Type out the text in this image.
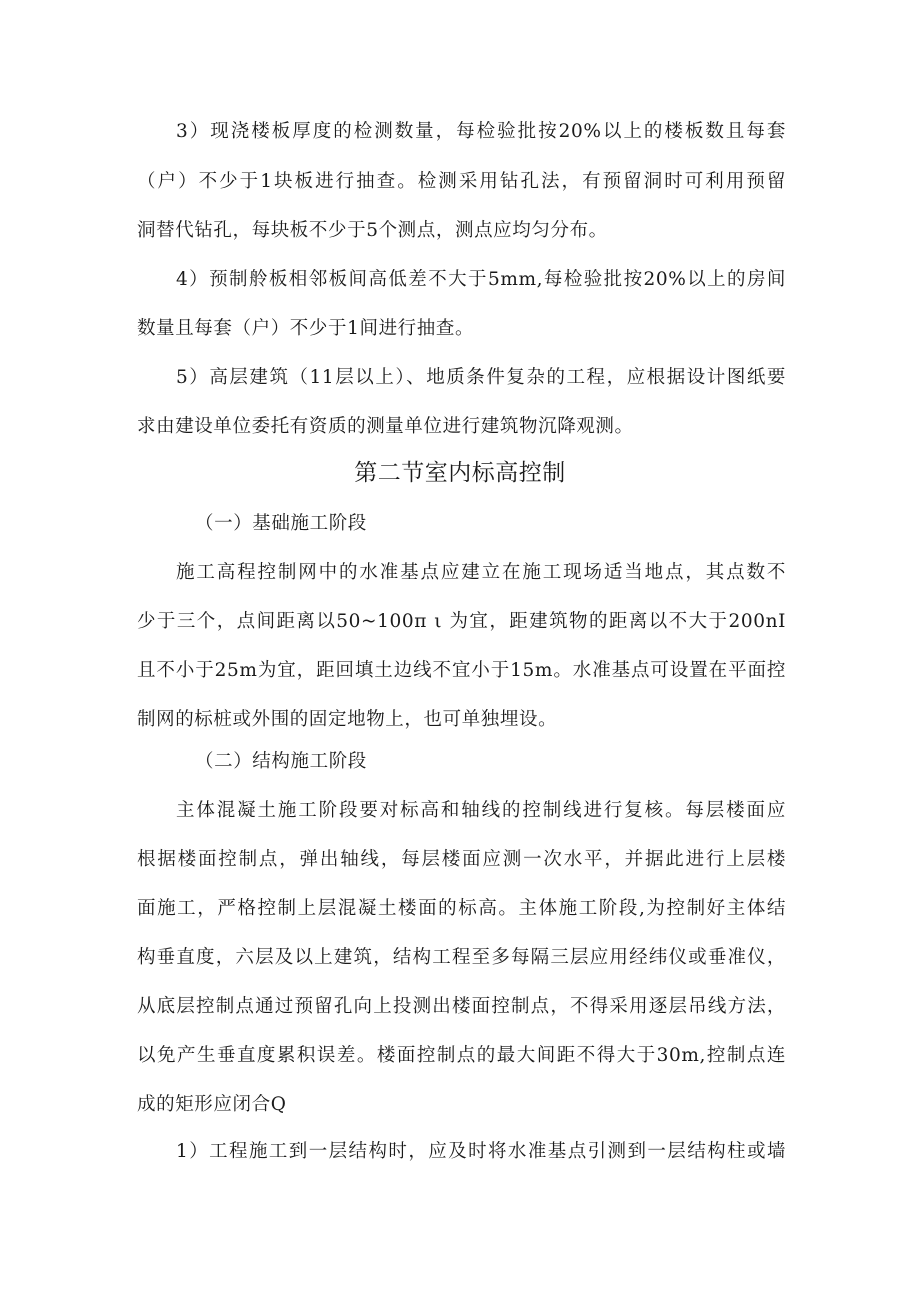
3）现浇楼板厚度的检测数量，每检验批按20%以上的楼板数且每套
（户）不少于1块板进行抽查。检测采用钻孔法，有预留洞时可利用预留
洞替代钻孔，每块板不少于5个测点，测点应均匀分布。
4）预制舲板相邻板间高低差不大于5mm,每检验批按20%以上的房间
数量且每套（户）不少于1间进行抽查。
5）高层建筑（11层以上）、地质条件复杂的工程，应根据设计图纸要
求由建设单位委托有资质的测量单位进行建筑物沉降观测。
第二节室内标高控制
（一）基础施工阶段
施工高程控制网中的水准基点应建立在施工现场适当地点，其点数不
少于三个，点间距离以50~100π ι 为宜，距建筑物的距离以不大于200nI
且不小于25m为宜，距回填土边线不宜小于15m。水准基点可设置在平面控
制网的标桩或外围的固定地物上，也可单独埋设。
（二）结构施工阶段
主体混凝土施工阶段要对标高和轴线的控制线进行复核。每层楼面应
根据楼面控制点，弹出轴线，每层楼面应测一次水平，并据此进行上层楼
面施工，严格控制上层混凝土楼面的标高。主体施工阶段,为控制好主体结
构垂直度，六层及以上建筑，结构工程至多每隔三层应用经纬仪或垂准仪，
从底层控制点通过预留孔向上投测出楼面控制点，不得采用逐层吊线方法，
以免产生垂直度累积误差。楼面控制点的最大间距不得大于30m,控制点连
成的矩形应闭合Q
1）工程施工到一层结构时，应及时将水准基点引测到一层结构柱或墙
